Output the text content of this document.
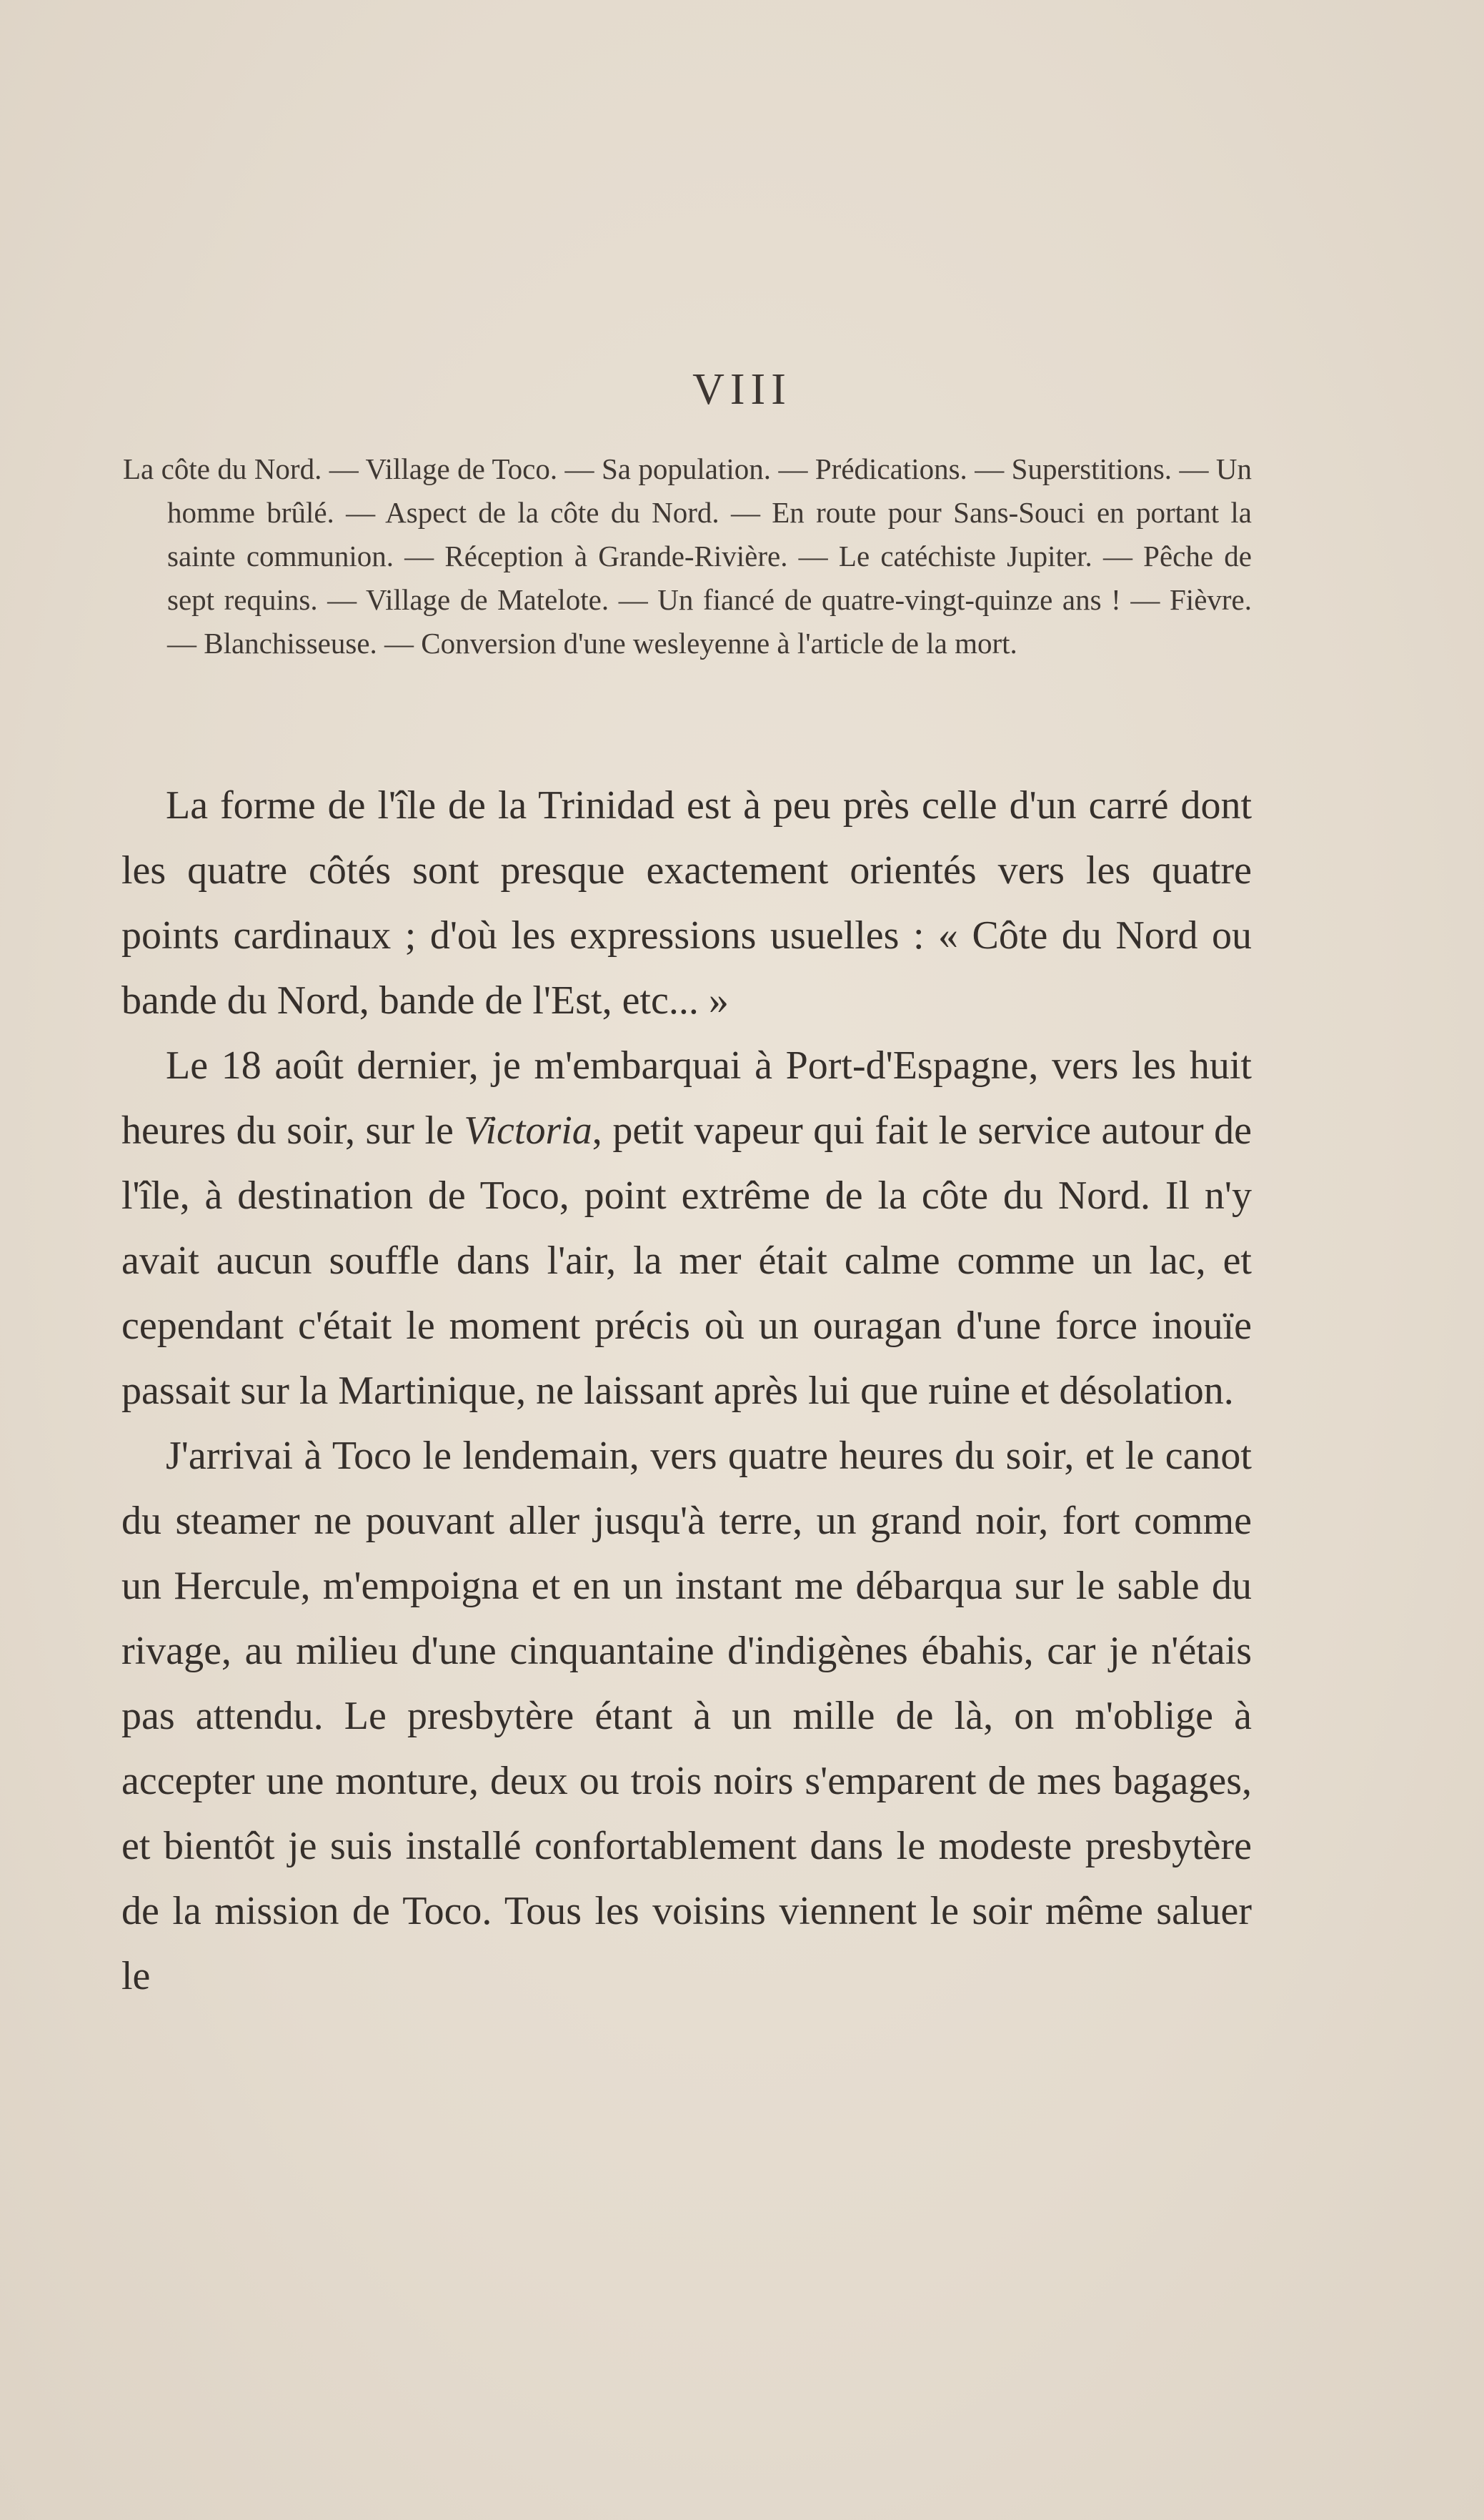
VIII
La côte du Nord. — Village de Toco. — Sa population. — Prédications. — Superstitions. — Un homme brûlé. — Aspect de la côte du Nord. — En route pour Sans-Souci en portant la sainte communion. — Réception à Grande-Rivière. — Le catéchiste Jupiter. — Pêche de sept requins. — Village de Matelote. — Un fiancé de quatre-vingt-quinze ans ! — Fièvre. — Blanchisseuse. — Conversion d'une wesleyenne à l'article de la mort.

La forme de l'île de la Trinidad est à peu près celle d'un carré dont les quatre côtés sont presque exactement orientés vers les quatre points cardinaux ; d'où les expressions usuelles : « Côte du Nord ou bande du Nord, bande de l'Est, etc... »

Le 18 août dernier, je m'embarquai à Port-d'Espagne, vers les huit heures du soir, sur le Victoria, petit vapeur qui fait le service autour de l'île, à destination de Toco, point extrême de la côte du Nord. Il n'y avait aucun souffle dans l'air, la mer était calme comme un lac, et cependant c'était le moment précis où un ouragan d'une force inouïe passait sur la Martinique, ne laissant après lui que ruine et désolation.

J'arrivai à Toco le lendemain, vers quatre heures du soir, et le canot du steamer ne pouvant aller jusqu'à terre, un grand noir, fort comme un Hercule, m'empoigna et en un instant me débarqua sur le sable du rivage, au milieu d'une cinquantaine d'indigènes ébahis, car je n'étais pas attendu. Le presbytère étant à un mille de là, on m'oblige à accepter une monture, deux ou trois noirs s'emparent de mes bagages, et bientôt je suis installé confortablement dans le modeste presbytère de la mission de Toco. Tous les voisins viennent le soir même saluer le
